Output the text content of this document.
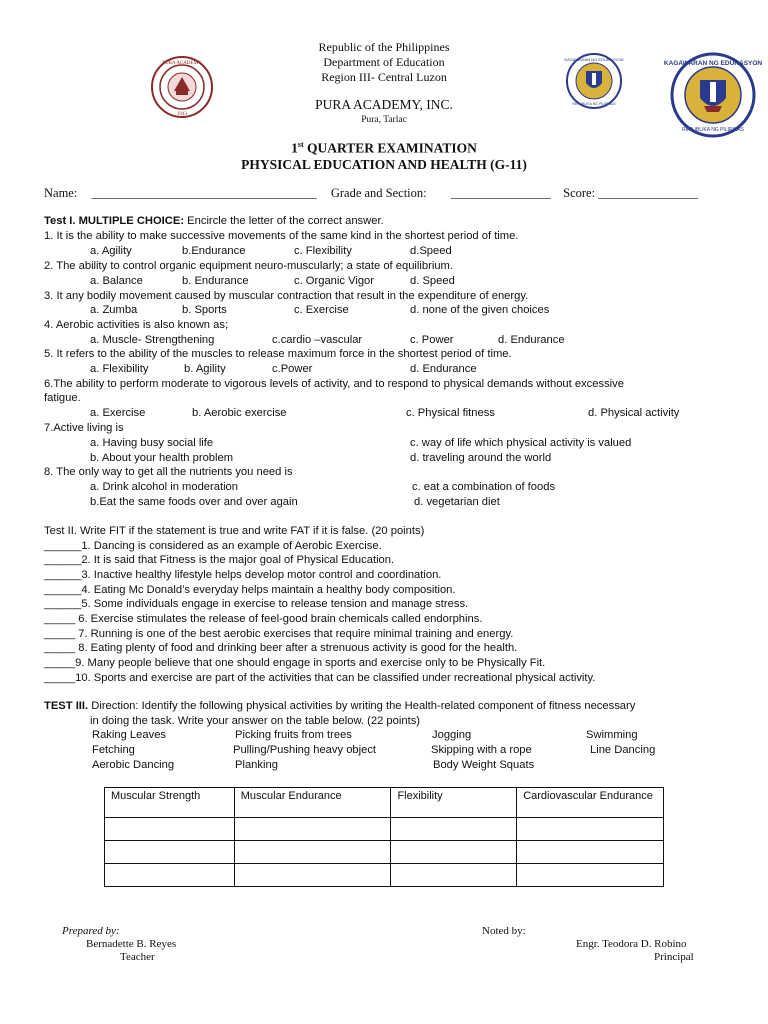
PURA ACADEMY
1943
Republic of the Philippines
Department of Education
Region III- Central Luzon
PURA ACADEMY, INC.
Pura, Tarlac
KAGAWARAN NG EDUKASYON
REPUBLIKA NG PILIPINAS
KAGAWARAN NG EDUKASYON
REPUBLIKA NG PILIPINAS
1st QUARTER EXAMINATION
PHYSICAL EDUCATION AND HEALTH (G-11)
Name: ____________________________________ Grade and Section: ________________ Score: ________________
Test I. MULTIPLE CHOICE: Encircle the letter of the correct answer.
1. It is the ability to make successive movements of the same kind in the shortest period of time.
a. Agility	b.Endurance	c. Flexibility	d.Speed
2. The ability to control organic equipment neuro-muscularly; a state of equilibrium.
a. Balance	b. Endurance	c. Organic Vigor	d. Speed
3. It any bodily movement caused by muscular contraction that result in the expenditure of energy.
a. Zumba	b. Sports	c. Exercise	d. none of the given choices
4. Aerobic activities is also known as;
a. Muscle- Strengthening	c.cardio –vascular	c. Power	d. Endurance
5. It refers to the ability of the muscles to release maximum force in the shortest period of time.
a. Flexibility	b. Agility	c.Power	d. Endurance
6.The ability to perform moderate to vigorous levels of activity, and to respond to physical demands without excessive
fatigue.
a. Exercise	b. Aerobic exercise	c. Physical fitness	d. Physical activity
7.Active living is
a. Having busy social life	c. way of life which physical activity is valued
b. About your health problem	d. traveling around the world
8. The only way to get all the nutrients you need is
a. Drink alcohol in moderation	c. eat a combination of foods
b.Eat the same foods over and over again	d. vegetarian diet
Test II. Write FIT if the statement is true and write FAT if it is false. (20 points)
______1. Dancing is considered as an example of Aerobic Exercise.
______2. It is said that Fitness is the major goal of Physical Education.
______3. Inactive healthy lifestyle helps develop motor control and coordination.
______4. Eating Mc Donald’s everyday helps maintain a healthy body composition.
______5. Some individuals engage in exercise to release tension and manage stress.
_____ 6. Exercise stimulates the release of feel-good brain chemicals called endorphins.
_____ 7. Running is one of the best aerobic exercises that require minimal training and energy.
_____ 8. Eating plenty of food and drinking beer after a strenuous activity is good for the health.
_____9. Many people believe that one should engage in sports and exercise only to be Physically Fit.
_____10. Sports and exercise are part of the activities that can be classified under recreational physical activity.
TEST III. Direction: Identify the following physical activities by writing the Health-related component of fitness necessary
in doing the task. Write your answer on the table below. (22 points)
Raking Leaves	Picking fruits from trees	Jogging	Swimming
Fetching	Pulling/Pushing heavy object	Skipping with a rope	Line Dancing
Aerobic Dancing	Planking	Body Weight Squats
Muscular Strength	Muscular Endurance	Flexibility	Cardiovascular Endurance

Prepared by:
Bernadette B. Reyes
Teacher
Noted by:
Engr. Teodora D. Robino
Principal
